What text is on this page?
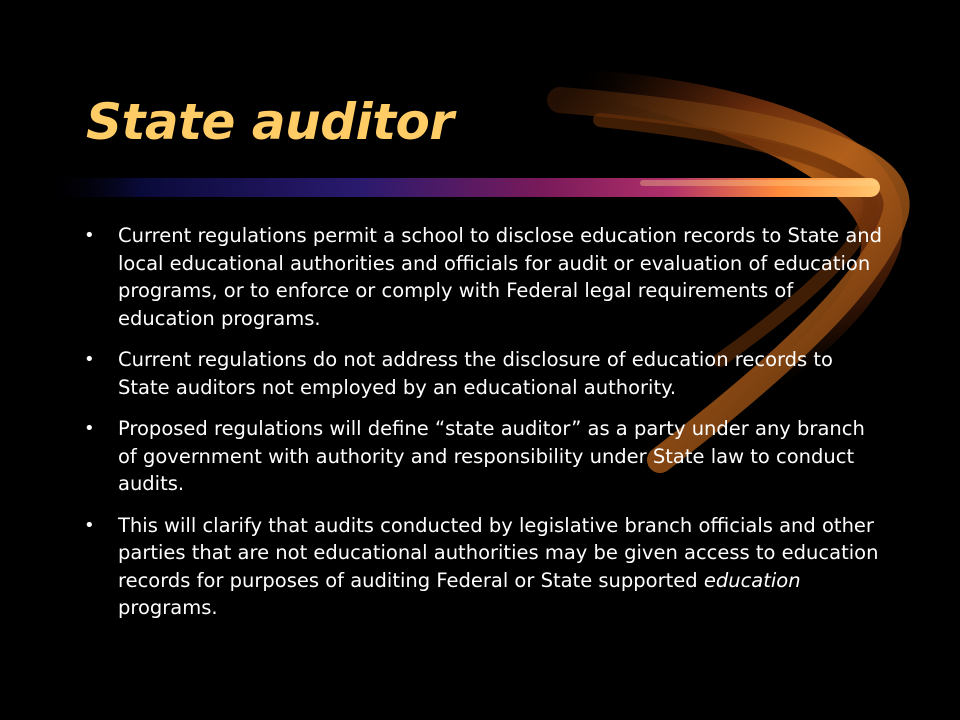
State auditor
• Current regulations permit a school to disclose education records to State and local educational authorities and officials for audit or evaluation of education programs, or to enforce or comply with Federal legal requirements of education programs.
• Current regulations do not address the disclosure of education records to State auditors not employed by an educational authority.
• Proposed regulations will define “state auditor” as a party under any branch of government with authority and responsibility under State law to conduct audits.
• This will clarify that audits conducted by legislative branch officials and other parties that are not educational authorities may be given access to education records for purposes of auditing Federal or State supported education programs.
